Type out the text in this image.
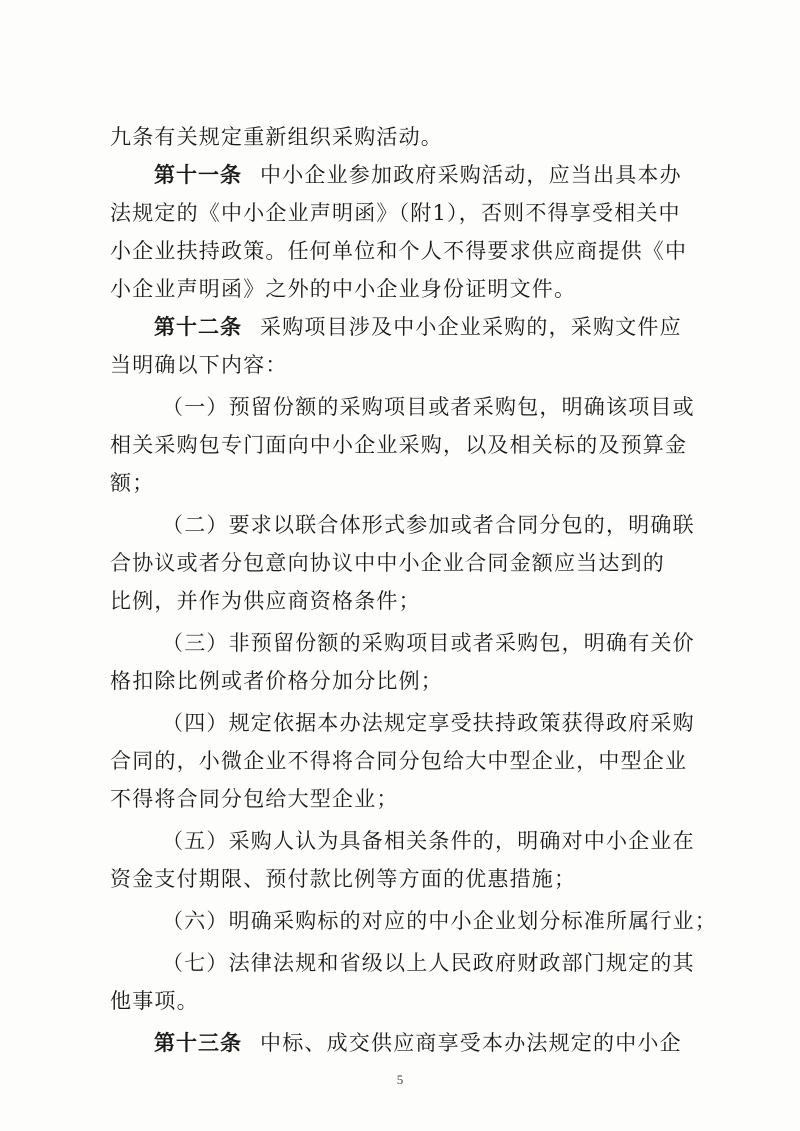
九条有关规定重新组织采购活动。
第十一条 中小企业参加政府采购活动，应当出具本办
法规定的《中小企业声明函》（附1），否则不得享受相关中
小企业扶持政策。任何单位和个人不得要求供应商提供《中
小企业声明函》之外的中小企业身份证明文件。
第十二条 采购项目涉及中小企业采购的，采购文件应
当明确以下内容：
（一）预留份额的采购项目或者采购包，明确该项目或
相关采购包专门面向中小企业采购，以及相关标的及预算金
额；
（二）要求以联合体形式参加或者合同分包的，明确联
合协议或者分包意向协议中中小企业合同金额应当达到的
比例，并作为供应商资格条件；
（三）非预留份额的采购项目或者采购包，明确有关价
格扣除比例或者价格分加分比例；
（四）规定依据本办法规定享受扶持政策获得政府采购
合同的，小微企业不得将合同分包给大中型企业，中型企业
不得将合同分包给大型企业；
（五）采购人认为具备相关条件的，明确对中小企业在
资金支付期限、预付款比例等方面的优惠措施；
（六）明确采购标的对应的中小企业划分标准所属行业；
（七）法律法规和省级以上人民政府财政部门规定的其
他事项。
第十三条 中标、成交供应商享受本办法规定的中小企
5
